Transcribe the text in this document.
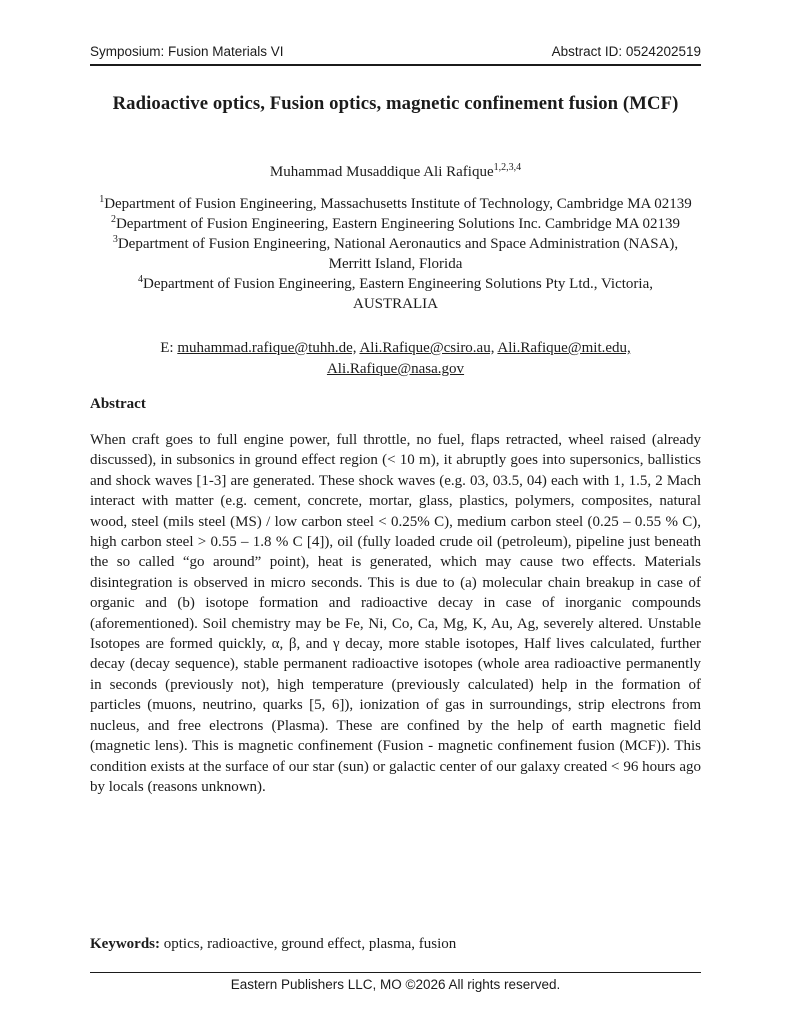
Symposium: Fusion Materials VI	Abstract ID: 0524202519
Radioactive optics, Fusion optics, magnetic confinement fusion (MCF)
Muhammad Musaddique Ali Rafique$^{1,2,3,4}$
$^1$Department of Fusion Engineering, Massachusetts Institute of Technology, Cambridge MA 02139
$^2$Department of Fusion Engineering, Eastern Engineering Solutions Inc. Cambridge MA 02139
$^3$Department of Fusion Engineering, National Aeronautics and Space Administration (NASA),
Merritt Island, Florida
$^4$Department of Fusion Engineering, Eastern Engineering Solutions Pty Ltd., Victoria,
AUSTRALIA
E: muhammad.rafique@tuhh.de, Ali.Rafique@csiro.au, Ali.Rafique@mit.edu,
Ali.Rafique@nasa.gov
Abstract
When craft goes to full engine power, full throttle, no fuel, flaps retracted, wheel raised (already discussed), in subsonics in ground effect region (< 10 m), it abruptly goes into supersonics, ballistics and shock waves [1-3] are generated. These shock waves (e.g. 03, 03.5, 04) each with 1, 1.5, 2 Mach interact with matter (e.g. cement, concrete, mortar, glass, plastics, polymers, composites, natural wood, steel (mils steel (MS) / low carbon steel < 0.25% C), medium carbon steel (0.25 – 0.55 % C), high carbon steel > 0.55 – 1.8 % C [4]), oil (fully loaded crude oil (petroleum), pipeline just beneath the so called “go around” point), heat is generated, which may cause two effects. Materials disintegration is observed in micro seconds. This is due to (a) molecular chain breakup in case of organic and (b) isotope formation and radioactive decay in case of inorganic compounds (aforementioned). Soil chemistry may be Fe, Ni, Co, Ca, Mg, K, Au, Ag, severely altered. Unstable Isotopes are formed quickly, α, β, and γ decay, more stable isotopes, Half lives calculated, further decay (decay sequence), stable permanent radioactive isotopes (whole area radioactive permanently in seconds (previously not), high temperature (previously calculated) help in the formation of particles (muons, neutrino, quarks [5, 6]), ionization of gas in surroundings, strip electrons from nucleus, and free electrons (Plasma). These are confined by the help of earth magnetic field (magnetic lens). This is magnetic confinement (Fusion - magnetic confinement fusion (MCF)). This condition exists at the surface of our star (sun) or galactic center of our galaxy created < 96 hours ago by locals (reasons unknown).
Keywords: optics, radioactive, ground effect, plasma, fusion
Eastern Publishers LLC, MO ©2026 All rights reserved.
